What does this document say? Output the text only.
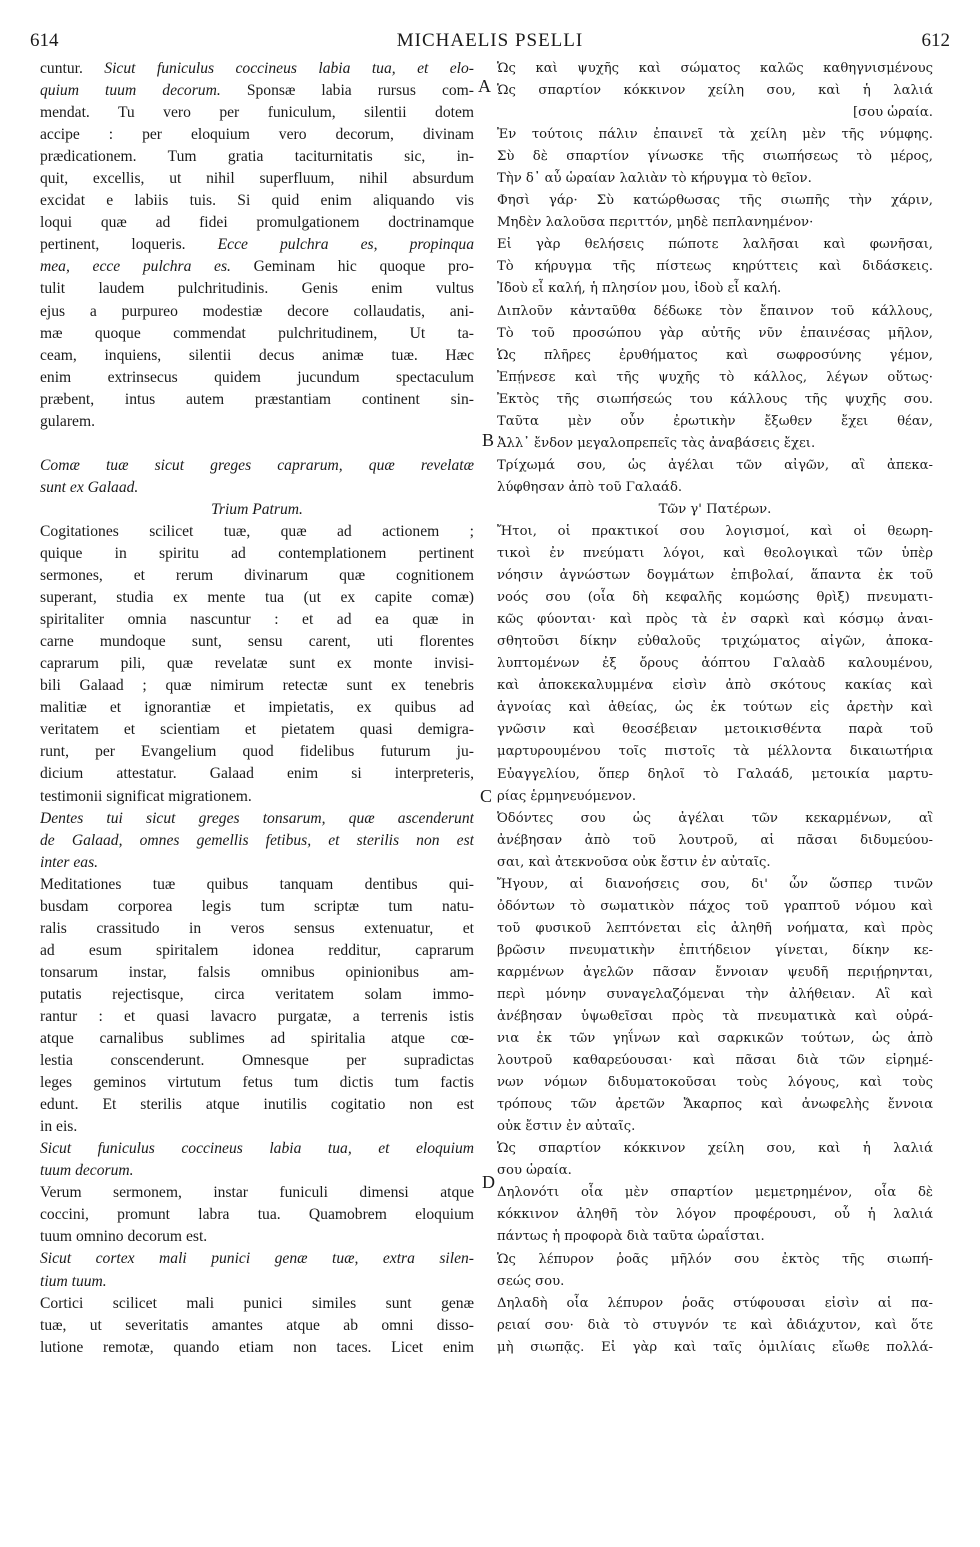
614	MICHAELIS PSELLI	612
cuntur. Sicut funiculus coccineus labia tua, et elo-
quium tuum decorum. Sponsæ labia rursus com-
mendat. Tu vero per funiculum, silentii dotem
accipe : per eloquium vero decorum, divinam
prædicationem. Tum gratia taciturnitatis sic, in-
quit, excellis, ut nihil superfluum, nihil absurdum
excidat e labiis tuis. Si quid enim aliquando vis
loqui quæ ad fidei promulgationem doctrinamque
pertinent, loqueris. Ecce pulchra es, propinqua
mea, ecce pulchra es. Geminam hic quoque pro-
tulit laudem pulchritudinis. Genis enim vultus
ejus a purpureo modestiæ decore collaudatis, ani-
mæ quoque commendat pulchritudinem, Ut ta-
ceam, inquiens, silentii decus animæ tuæ. Hæc
enim extrinsecus quidem jucundum spectaculum
præbent, intus autem præstantiam continent sin-
gularem.
Comæ tuæ sicut greges caprarum, quæ revelatæ
sunt ex Galaad.
Trium Patrum.
Cogitationes scilicet tuæ, quæ ad actionem ;
quique in spiritu ad contemplationem pertinent
sermones, et rerum divinarum quæ cognitionem
superant, studia ex mente tua (ut ex capite comæ)
spiritaliter omnia nascuntur : et ad ea quæ in
carne mundoque sunt, sensu carent, uti florentes
caprarum pili, quæ revelatæ sunt ex monte invisi-
bili Galaad ; quæ nimirum retectæ sunt ex tenebris
malitiæ et ignorantiæ et impietatis, ex quibus ad
veritatem et scientiam et pietatem quasi demigra-
runt, per Evangelium quod fidelibus futurum ju-
dicium attestatur. Galaad enim si interpreteris,
testimonii significat migrationem.
Dentes tui sicut greges tonsarum, quæ ascenderunt
de Galaad, omnes gemellis fetibus, et sterilis non est
inter eas.
Meditationes tuæ quibus tanquam dentibus qui-
busdam corporea legis tum scriptæ tum natu-
ralis crassitudo in veros sensus extenuatur, et
ad esum spiritalem idonea redditur, caprarum
tonsarum instar, falsis omnibus opinionibus am-
putatis rejectisque, circa veritatem solam immo-
rantur : et quasi lavacro purgatæ, a terrenis istis
atque carnalibus sublimes ad spiritalia atque cœ-
lestia conscenderunt. Omnesque per supradictas
leges geminos virtutum fetus tum dictis tum factis
edunt. Et sterilis atque inutilis cogitatio non est
in eis.
Sicut funiculus coccineus labia tua, et eloquium
tuum decorum.
Verum sermonem, instar funiculi dimensi atque
coccini, promunt labra tua. Quamobrem eloquium
tuum omnino decorum est.
Sicut cortex mali punici genæ tuæ, extra silen-
tium tuum.
Cortici scilicet mali punici similes sunt genæ
tuæ, ut severitatis amantes atque ab omni disso-
lutione remotæ, quando etiam non taces. Licet enim
Ὡς καὶ ψυχῆς καὶ σώματος καλῶς καθηγνισμένους
Ὡς σπαρτίον κόκκινον χείλη σου, καὶ ἡ λαλιά
[σου ὡραία.
Ἐν τούτοις πάλιν ἐπαινεῖ τὰ χείλη μὲν τῆς νύμφης.
Σὺ δὲ σπαρτίον γίνωσκε τῆς σιωπήσεως τὸ μέρος,
Τὴν δ᾽ αὖ ὡραίαν λαλιὰν τὸ κήρυγμα τὸ θεῖον.
Φησὶ γάρ· Σὺ κατώρθωσας τῆς σιωπῆς τὴν χάριν,
Μηδὲν λαλοῦσα περιττόν, μηδὲ πεπλανημένον·
Εἰ γὰρ θελήσεις πώποτε λαλῆσαι καὶ φωνῆσαι,
Τὸ κήρυγμα τῆς πίστεως κηρύττεις καὶ διδάσκεις.
Ἰδοὺ εἶ καλή, ἡ πλησίον μου, ἰδοὺ εἶ καλή.
Διπλοῦν κἀνταῦθα δέδωκε τὸν ἔπαινον τοῦ κάλλους,
Τὸ τοῦ προσώπου γὰρ αὐτῆς νῦν ἐπαινέσας μῆλον,
Ὡς πλῆρες ἐρυθήματος καὶ σωφροσύνης γέμον,
Ἐπῄνεσε καὶ τῆς ψυχῆς τὸ κάλλος, λέγων οὕτως·
Ἐκτὸς τῆς σιωπήσεώς του κάλλους τῆς ψυχῆς σου.
Ταῦτα μὲν οὖν ἐρωτικὴν ἔξωθεν ἔχει θέαν,
Ἀλλ᾽ ἔνδον μεγαλοπρεπεῖς τὰς ἀναβάσεις ἔχει.
Τρίχωμά σου, ὡς ἀγέλαι τῶν αἰγῶν, αἳ ἀπεκα-
λύφθησαν ἀπὸ τοῦ Γαλαάδ.
Τῶν γ' Πατέρων.
Ἤτοι, οἱ πρακτικοί σου λογισμοί, καὶ οἱ θεωρη-
τικοὶ ἐν πνεύματι λόγοι, καὶ θεολογικαὶ τῶν ὑπὲρ
νόησιν ἀγνώστων δογμάτων ἐπιβολαί, ἅπαντα ἐκ τοῦ
νοός σου (οἷα δὴ κεφαλῆς κομώσης θρὶξ) πνευματι-
κῶς φύονται· καὶ πρὸς τὰ ἐν σαρκὶ καὶ κόσμῳ ἀναι-
σθητοῦσι δίκην εὐθαλοῦς τριχώματος αἰγῶν, ἀποκα-
λυπτομένων ἐξ ὄρους ἀόπτου Γαλαὰδ καλουμένου,
καὶ ἀποκεκαλυμμένα εἰσὶν ἀπὸ σκότους κακίας καὶ
ἀγνοίας καὶ ἀθείας, ὡς ἐκ τούτων εἰς ἀρετὴν καὶ
γνῶσιν καὶ θεοσέβειαν μετοικισθέντα παρὰ τοῦ
μαρτυρουμένου τοῖς πιστοῖς τὰ μέλλοντα δικαιωτήρια
Εὐαγγελίου, ὅπερ δηλοῖ τὸ Γαλαάδ, μετοικία μαρτυ-
ρίας ἑρμηνευόμενον.
Ὀδόντες σου ὡς ἀγέλαι τῶν κεκαρμένων, αἳ
ἀνέβησαν ἀπὸ τοῦ λουτροῦ, αἱ πᾶσαι διδυμεύου-
σαι, καὶ ἀτεκνοῦσα οὐκ ἔστιν ἐν αὐταῖς.
Ἤγουν, αἱ διανοήσεις σου, δι' ὧν ὥσπερ τινῶν
ὀδόντων τὸ σωματικὸν πάχος τοῦ γραπτοῦ νόμου καὶ
τοῦ φυσικοῦ λεπτόνεται εἰς ἀληθῆ νοήματα, καὶ πρὸς
βρῶσιν πνευματικὴν ἐπιτήδειον γίνεται, δίκην κε-
καρμένων ἀγελῶν πᾶσαν ἔννοιαν ψευδῆ περιῄρηνται,
περὶ μόνην συναγελαζόμεναι τὴν ἀλήθειαν. Αἳ καὶ
ἀνέβησαν ὑψωθεῖσαι πρὸς τὰ πνευματικὰ καὶ οὐρά-
νια ἐκ τῶν γηΐνων καὶ σαρκικῶν τούτων, ὡς ἀπὸ
λουτροῦ καθαρεύουσαι· καὶ πᾶσαι διὰ τῶν εἰρημέ-
νων νόμων διδυματοκοῦσαι τοὺς λόγους, καὶ τοὺς
τρόπους τῶν ἀρετῶν Ἄκαρπος καὶ ἀνωφελὴς ἔννοια
οὐκ ἔστιν ἐν αὐταῖς.
Ὡς σπαρτίον κόκκινον χείλη σου, καὶ ἡ λαλιά
σου ὡραία.
Δηλονότι οἷα μὲν σπαρτίον μεμετρημένον, οἷα δὲ
κόκκινον ἀληθῆ τὸν λόγον προφέρουσι, οὗ ἡ λαλιά
πάντως ἡ προφορὰ διὰ ταῦτα ὡραΐσται.
Ὡς λέπυρον ῥοᾶς μῆλόν σου ἐκτὸς τῆς σιωπή-
σεώς σου.
Δηλαδὴ οἷα λέπυρον ῥοᾶς στύφουσαι εἰσὶν αἱ πα-
ρειαί σου· διὰ τὸ στυγνόν τε καὶ ἀδιάχυτον, καὶ ὅτε
μὴ σιωπᾷς. Εἰ γὰρ καὶ ταῖς ὁμιλίαις εἴωθε πολλά-
A
B
C
D
